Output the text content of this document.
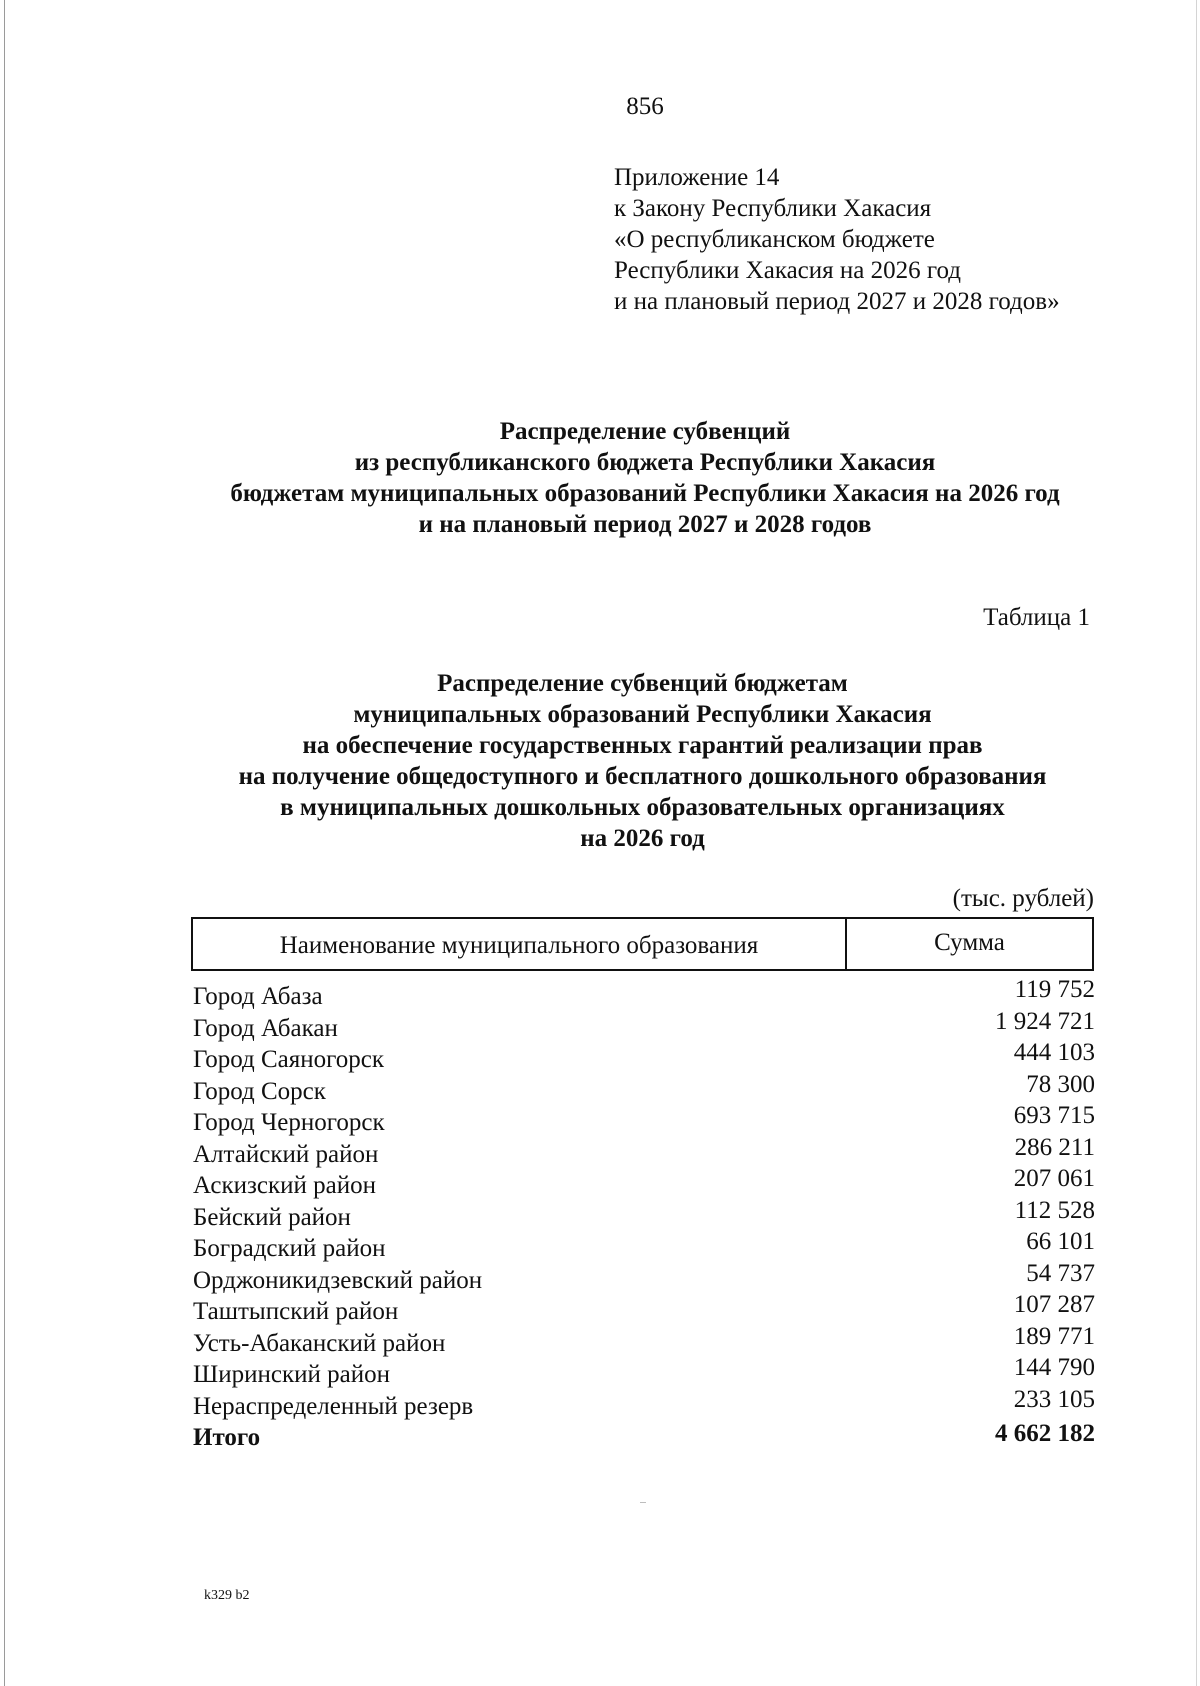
856
Приложение 14
к Закону Республики Хакасия
«О республиканском бюджете
Республики Хакасия на 2026 год
и на плановый период 2027 и 2028 годов»
Распределение субвенций
из республиканского бюджета Республики Хакасия
бюджетам муниципальных образований Республики Хакасия на 2026 год
и на плановый период 2027 и 2028 годов
Таблица 1
Распределение субвенций бюджетам
муниципальных образований Республики Хакасия
на обеспечение государственных гарантий реализации прав
на получение общедоступного и бесплатного дошкольного образования
в муниципальных дошкольных образовательных организациях
на 2026 год
(тыс. рублей)
Наименование муниципального образования	Сумма
Город Абаза	119 752
Город Абакан	1 924 721
Город Саяногорск	444 103
Город Сорск	78 300
Город Черногорск	693 715
Алтайский район	286 211
Аскизский район	207 061
Бейский район	112 528
Боградский район	66 101
Орджоникидзевский район	54 737
Таштыпский район	107 287
Усть-Абаканский район	189 771
Ширинский район	144 790
Нераспределенный резерв	233 105
Итого	4 662 182
k329 b2
